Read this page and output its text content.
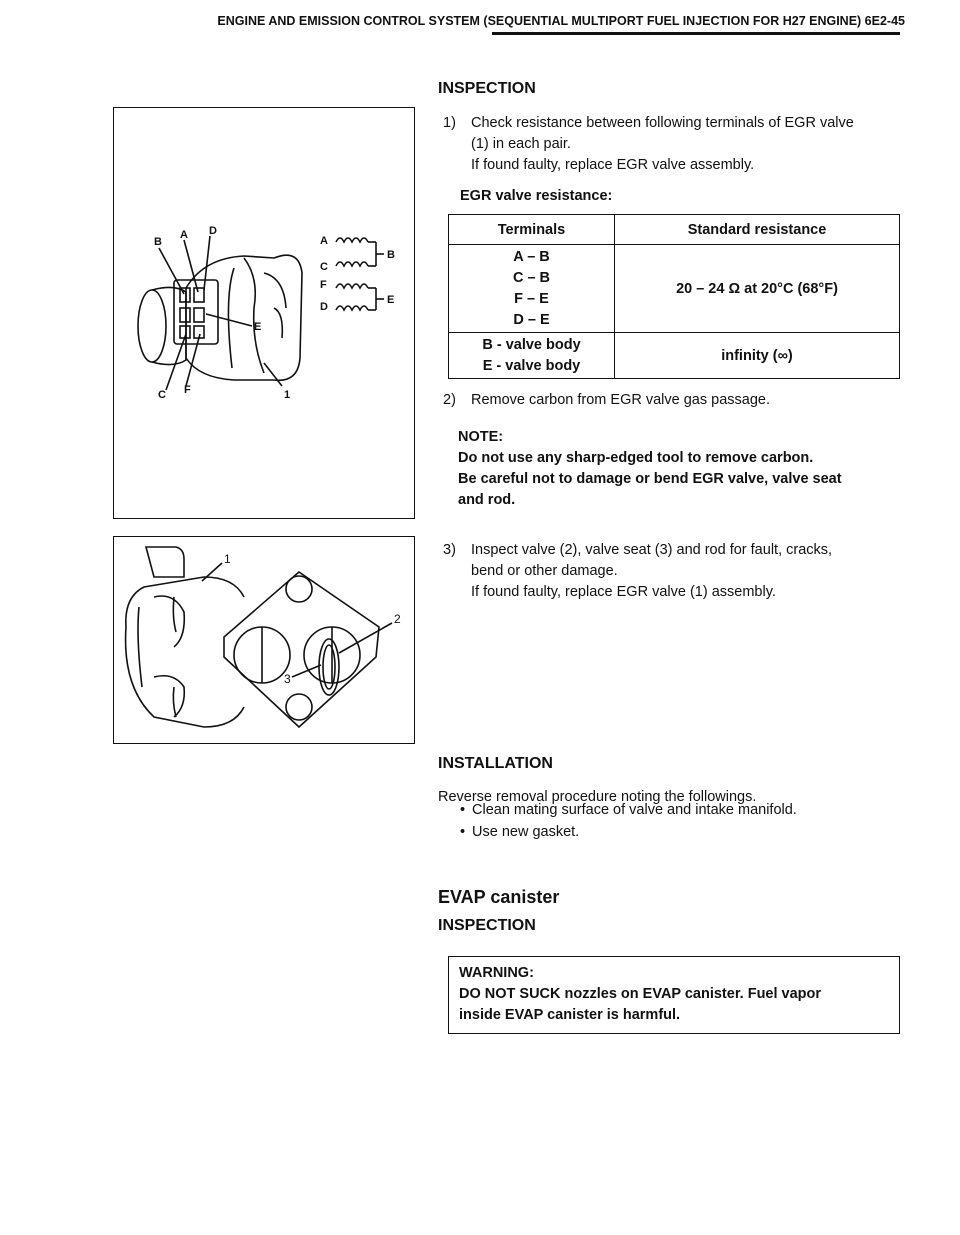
ENGINE AND EMISSION CONTROL SYSTEM (SEQUENTIAL MULTIPORT FUEL INJECTION FOR H27 ENGINE) 6E2-45
B
A D
E
C F	1
A
C
F
D
B
E
1
2
3
INSPECTION
1) Check resistance between following terminals of EGR valve
(1) in each pair.
If found faulty, replace EGR valve assembly.
EGR valve resistance:
Terminals	Standard resistance

A – B
C – B
F – E
D – E	20 – 24 Ω at 20°C (68°F)

B - valve body
E - valve body	infinity (∞)
2) Remove carbon from EGR valve gas passage.
NOTE:
Do not use any sharp-edged tool to remove carbon.
Be careful not to damage or bend EGR valve, valve seat
and rod.
3) Inspect valve (2), valve seat (3) and rod for fault, cracks,
bend or other damage.
If found faulty, replace EGR valve (1) assembly.
INSTALLATION
Reverse removal procedure noting the followings.
• Clean mating surface of valve and intake manifold.
• Use new gasket.
EVAP canister
INSPECTION
WARNING:
DO NOT SUCK nozzles on EVAP canister. Fuel vapor
inside EVAP canister is harmful.
